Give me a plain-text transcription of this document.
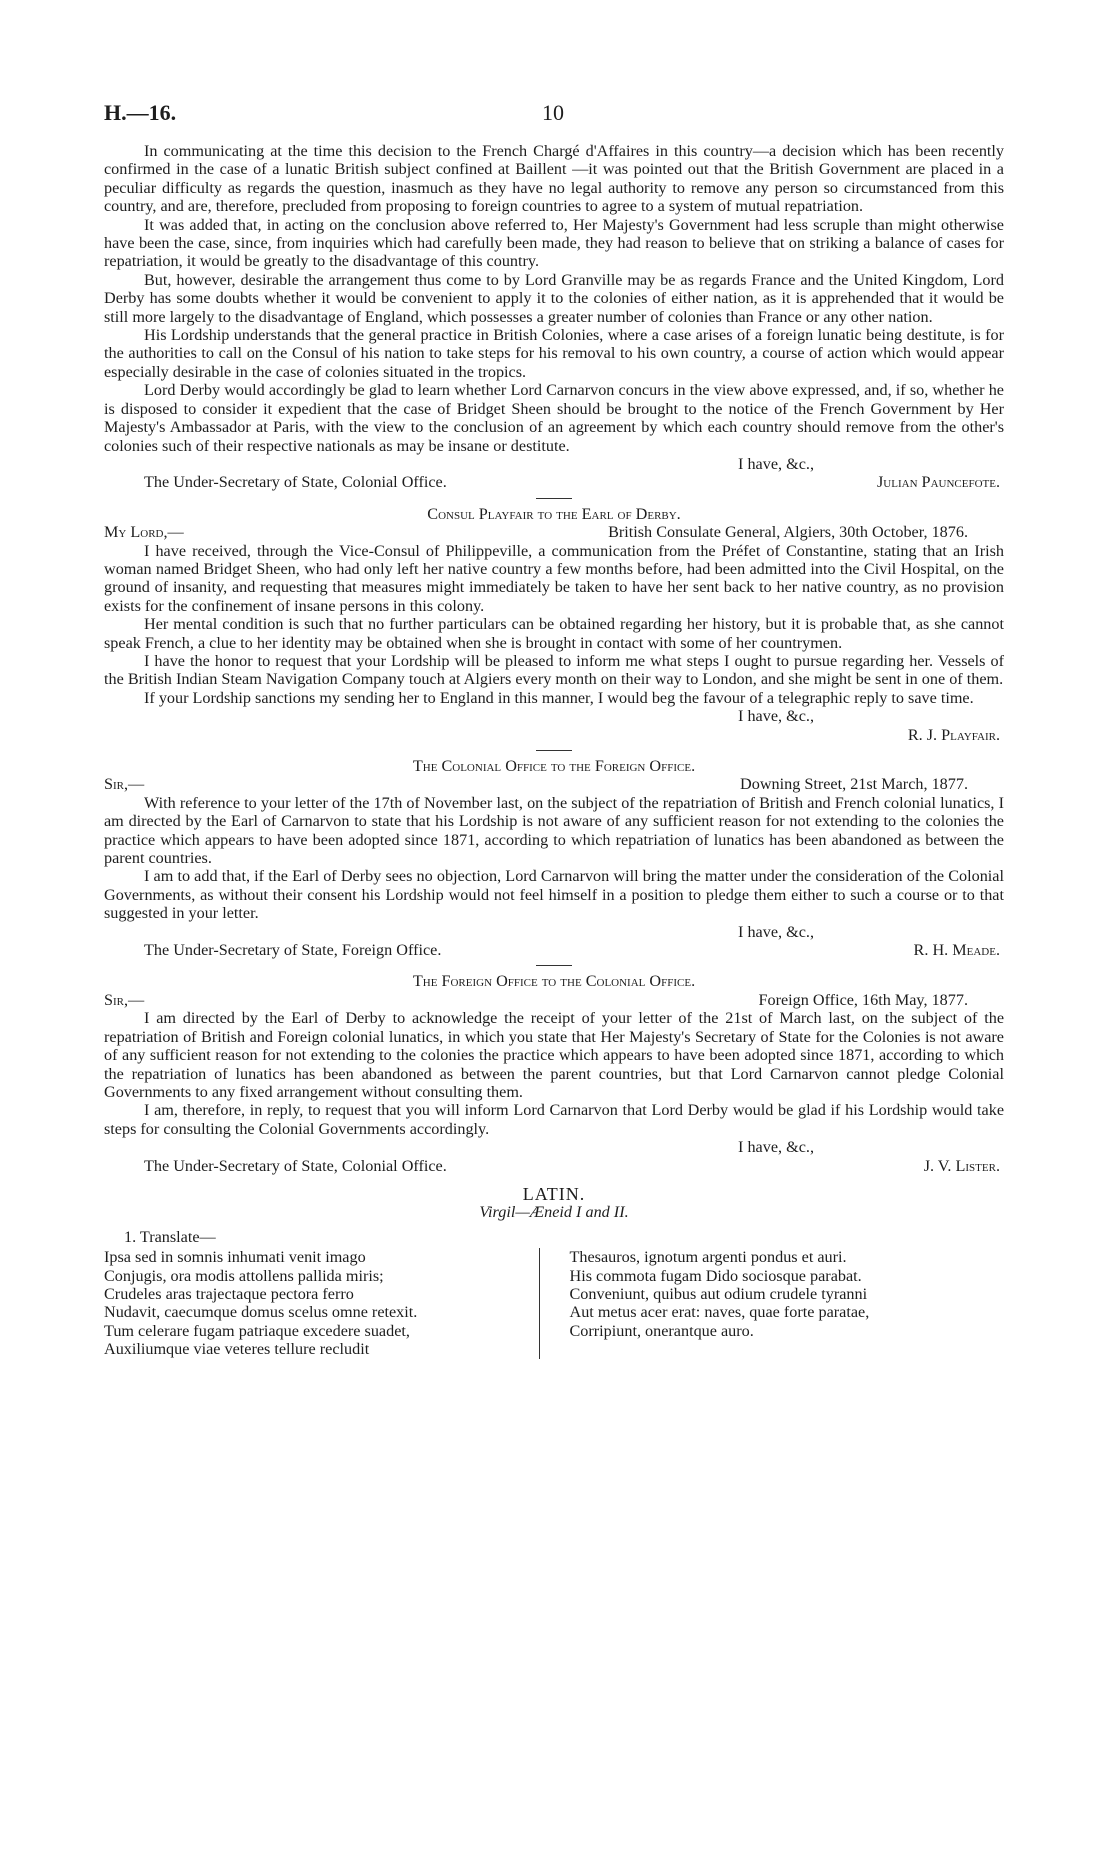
H.—16.	10

In communicating at the time this decision to the French Chargé d'Affaires in this country—a decision which has been recently confirmed in the case of a lunatic British subject confined at Baillent —it was pointed out that the British Government are placed in a peculiar difficulty as regards the question, inasmuch as they have no legal authority to remove any person so circumstanced from this country, and are, therefore, precluded from proposing to foreign countries to agree to a system of mutual repatriation.

It was added that, in acting on the conclusion above referred to, Her Majesty's Government had less scruple than might otherwise have been the case, since, from inquiries which had carefully been made, they had reason to believe that on striking a balance of cases for repatriation, it would be greatly to the disadvantage of this country.

But, however, desirable the arrangement thus come to by Lord Granville may be as regards France and the United Kingdom, Lord Derby has some doubts whether it would be convenient to apply it to the colonies of either nation, as it is apprehended that it would be still more largely to the disadvantage of England, which possesses a greater number of colonies than France or any other nation.

His Lordship understands that the general practice in British Colonies, where a case arises of a foreign lunatic being destitute, is for the authorities to call on the Consul of his nation to take steps for his removal to his own country, a course of action which would appear especially desirable in the case of colonies situated in the tropics.

Lord Derby would accordingly be glad to learn whether Lord Carnarvon concurs in the view above expressed, and, if so, whether he is disposed to consider it expedient that the case of Bridget Sheen should be brought to the notice of the French Government by Her Majesty's Ambassador at Paris, with the view to the conclusion of an agreement by which each country should remove from the other's colonies such of their respective nationals as may be insane or destitute.

I have, &c.,

The Under-Secretary of State, Colonial Office.	Julian Pauncefote.

Consul Playfair to the Earl of Derby.

My Lord,—	British Consulate General, Algiers, 30th October, 1876.

I have received, through the Vice-Consul of Philippeville, a communication from the Préfet of Constantine, stating that an Irish woman named Bridget Sheen, who had only left her native country a few months before, had been admitted into the Civil Hospital, on the ground of insanity, and requesting that measures might immediately be taken to have her sent back to her native country, as no provision exists for the confinement of insane persons in this colony.

Her mental condition is such that no further particulars can be obtained regarding her history, but it is probable that, as she cannot speak French, a clue to her identity may be obtained when she is brought in contact with some of her countrymen.

I have the honor to request that your Lordship will be pleased to inform me what steps I ought to pursue regarding her. Vessels of the British Indian Steam Navigation Company touch at Algiers every month on their way to London, and she might be sent in one of them.

If your Lordship sanctions my sending her to England in this manner, I would beg the favour of a telegraphic reply to save time.

I have, &c.,

R. J. Playfair.

The Colonial Office to the Foreign Office.

Sir,—	Downing Street, 21st March, 1877.

With reference to your letter of the 17th of November last, on the subject of the repatriation of British and French colonial lunatics, I am directed by the Earl of Carnarvon to state that his Lordship is not aware of any sufficient reason for not extending to the colonies the practice which appears to have been adopted since 1871, according to which repatriation of lunatics has been abandoned as between the parent countries.

I am to add that, if the Earl of Derby sees no objection, Lord Carnarvon will bring the matter under the consideration of the Colonial Governments, as without their consent his Lordship would not feel himself in a position to pledge them either to such a course or to that suggested in your letter.

I have, &c.,

The Under-Secretary of State, Foreign Office.	R. H. Meade.

The Foreign Office to the Colonial Office.

Sir,—	Foreign Office, 16th May, 1877.

I am directed by the Earl of Derby to acknowledge the receipt of your letter of the 21st of March last, on the subject of the repatriation of British and Foreign colonial lunatics, in which you state that Her Majesty's Secretary of State for the Colonies is not aware of any sufficient reason for not extending to the colonies the practice which appears to have been adopted since 1871, according to which the repatriation of lunatics has been abandoned as between the parent countries, but that Lord Carnarvon cannot pledge Colonial Governments to any fixed arrangement without consulting them.

I am, therefore, in reply, to request that you will inform Lord Carnarvon that Lord Derby would be glad if his Lordship would take steps for consulting the Colonial Governments accordingly.

I have, &c.,

The Under-Secretary of State, Colonial Office.	J. V. Lister.

LATIN.

Virgil—Æneid I and II.

1. Translate—

Ipsa sed in somnis inhumati venit imago
Conjugis, ora modis attollens pallida miris;
Crudeles aras trajectaque pectora ferro
Nudavit, caecumque domus scelus omne retexit.
Tum celerare fugam patriaque excedere suadet,
Auxiliumque viae veteres tellure recludit
Thesauros, ignotum argenti pondus et auri.
His commota fugam Dido sociosque parabat.
Conveniunt, quibus aut odium crudele tyranni
Aut metus acer erat: naves, quae forte paratae,
Corripiunt, onerantque auro.
